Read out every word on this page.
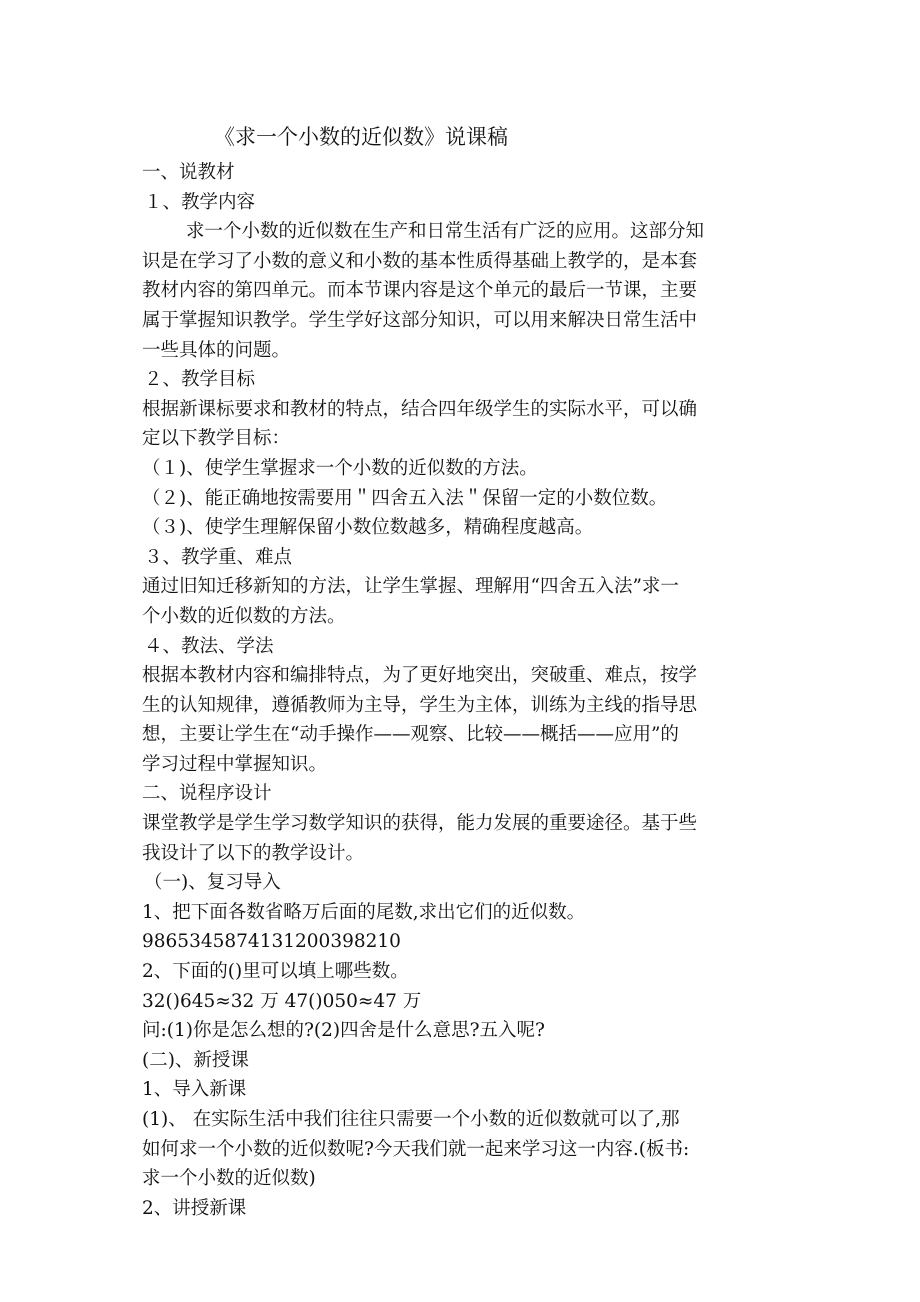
《求一个小数的近似数》说课稿
一、说教材
１、教学内容
求一个小数的近似数在生产和日常生活有广泛的应用。这部分知
识是在学习了小数的意义和小数的基本性质得基础上教学的，是本套
教材内容的第四单元。而本节课内容是这个单元的最后一节课，主要
属于掌握知识教学。学生学好这部分知识，可以用来解决日常生活中
一些具体的问题。
２、教学目标
根据新课标要求和教材的特点，结合四年级学生的实际水平，可以确
定以下教学目标：
（１)、使学生掌握求一个小数的近似数的方法。
（２)、能正确地按需要用＂四舍五入法＂保留一定的小数位数。
（３)、使学生理解保留小数位数越多，精确程度越高。
３、教学重、难点
通过旧知迁移新知的方法，让学生掌握、理解用“四舍五入法”求一
个小数的近似数的方法。
４、教法、学法
根据本教材内容和编排特点，为了更好地突出，突破重、难点，按学
生的认知规律，遵循教师为主导，学生为主体，训练为主线的指导思
想，主要让学生在“动手操作——观察、比较——概括——应用”的
学习过程中掌握知识。
二、说程序设计
课堂教学是学生学习数学知识的获得，能力发展的重要途径。基于些
我设计了以下的教学设计。
（一)、复习导入
1、把下面各数省略万后面的尾数,求出它们的近似数。
986534587413120039821​0
2、下面的()里可以填上哪些数。
32()645≈32 万 47()050≈47 万
问:(1)你是怎么想的?(2)四舍是什么意思?五入呢?
(二)、新授课
1、导入新课
(1)、 在实际生活中我们往往只需要一个小数的近似数就可以了,那
如何求一个小数的近似数呢?今天我们就一起来学习这一内容.(板书:
求一个小数的近似数)
2、讲授新课
